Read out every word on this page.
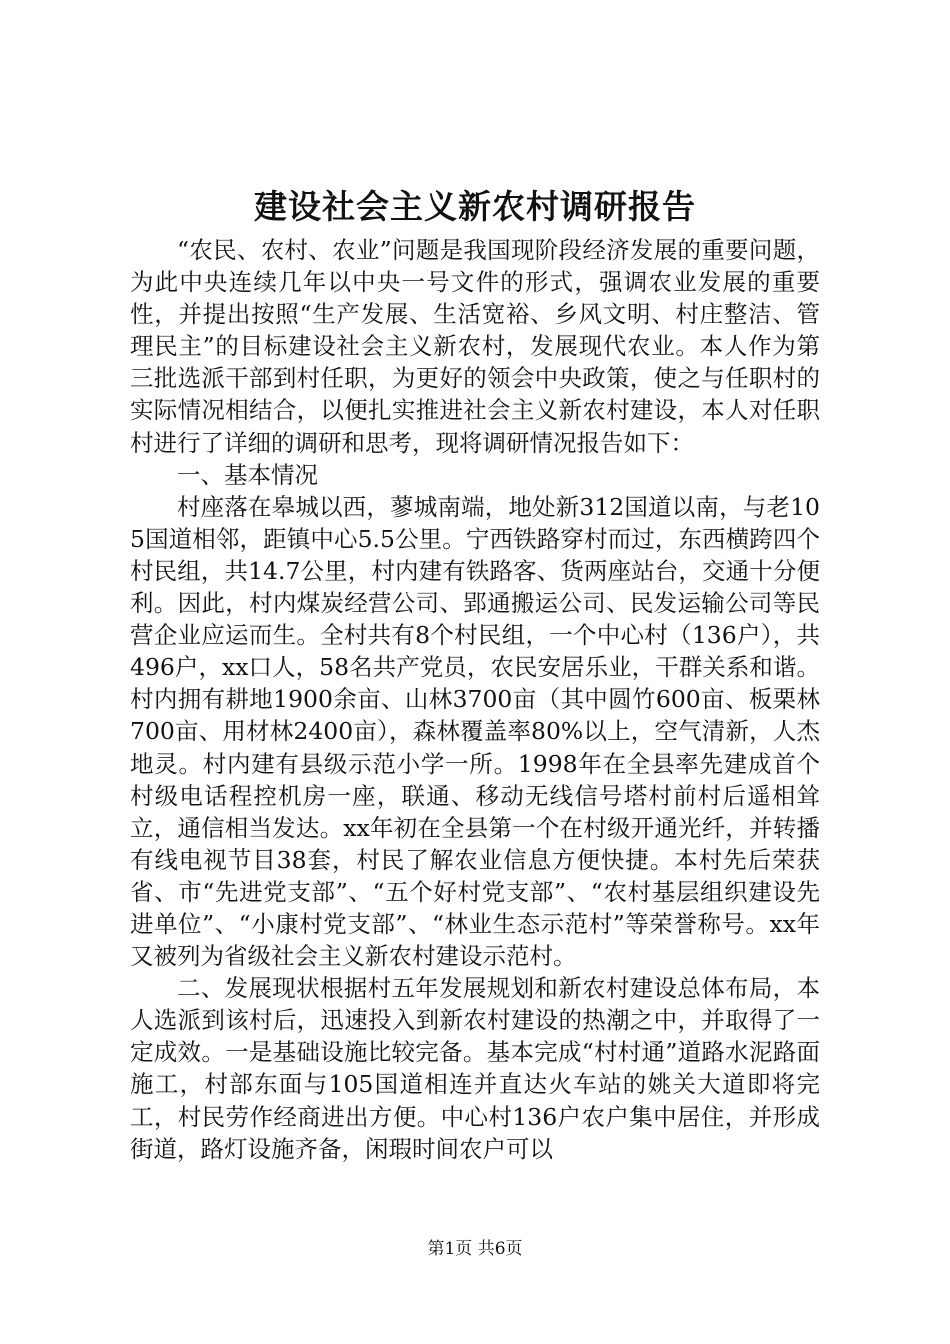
建设社会主义新农村调研报告

“农民、农村、农业”问题是我国现阶段经济发展的重要问题，为此中央连续几年以中央一号文件的形式，强调农业发展的重要性，并提出按照“生产发展、生活宽裕、乡风文明、村庄整洁、管理民主”的目标建设社会主义新农村，发展现代农业。本人作为第三批选派干部到村任职，为更好的领会中央政策，使之与任职村的实际情况相结合，以便扎实推进社会主义新农村建设，本人对任职村进行了详细的调研和思考，现将调研情况报告如下：

一、基本情况

村座落在皋城以西，蓼城南端，地处新312国道以南，与老105国道相邻，距镇中心5.5公里。宁西铁路穿村而过，东西横跨四个村民组，共14.7公里，村内建有铁路客、货两座站台，交通十分便利。因此，村内煤炭经营公司、郢通搬运公司、民发运输公司等民营企业应运而生。全村共有8个村民组，一个中心村（136户），共496户，xx口人，58名共产党员，农民安居乐业，干群关系和谐。村内拥有耕地1900余亩、山林3700亩（其中圆竹600亩、板栗林700亩、用材林2400亩），森林覆盖率80%以上，空气清新，人杰地灵。村内建有县级示范小学一所。1998年在全县率先建成首个村级电话程控机房一座，联通、移动无线信号塔村前村后遥相耸立，通信相当发达。xx年初在全县第一个在村级开通光纤，并转播有线电视节目38套，村民了解农业信息方便快捷。本村先后荣获省、市“先进党支部”、“五个好村党支部”、“农村基层组织建设先进单位”、“小康村党支部”、“林业生态示范村”等荣誉称号。xx年又被列为省级社会主义新农村建设示范村。

二、发展现状根据村五年发展规划和新农村建设总体布局，本人选派到该村后，迅速投入到新农村建设的热潮之中，并取得了一定成效。一是基础设施比较完备。基本完成“村村通”道路水泥路面施工，村部东面与105国道相连并直达火车站的姚关大道即将完工，村民劳作经商进出方便。中心村136户农户集中居住，并形成街道，路灯设施齐备，闲瑕时间农户可以

第1页 共6页
